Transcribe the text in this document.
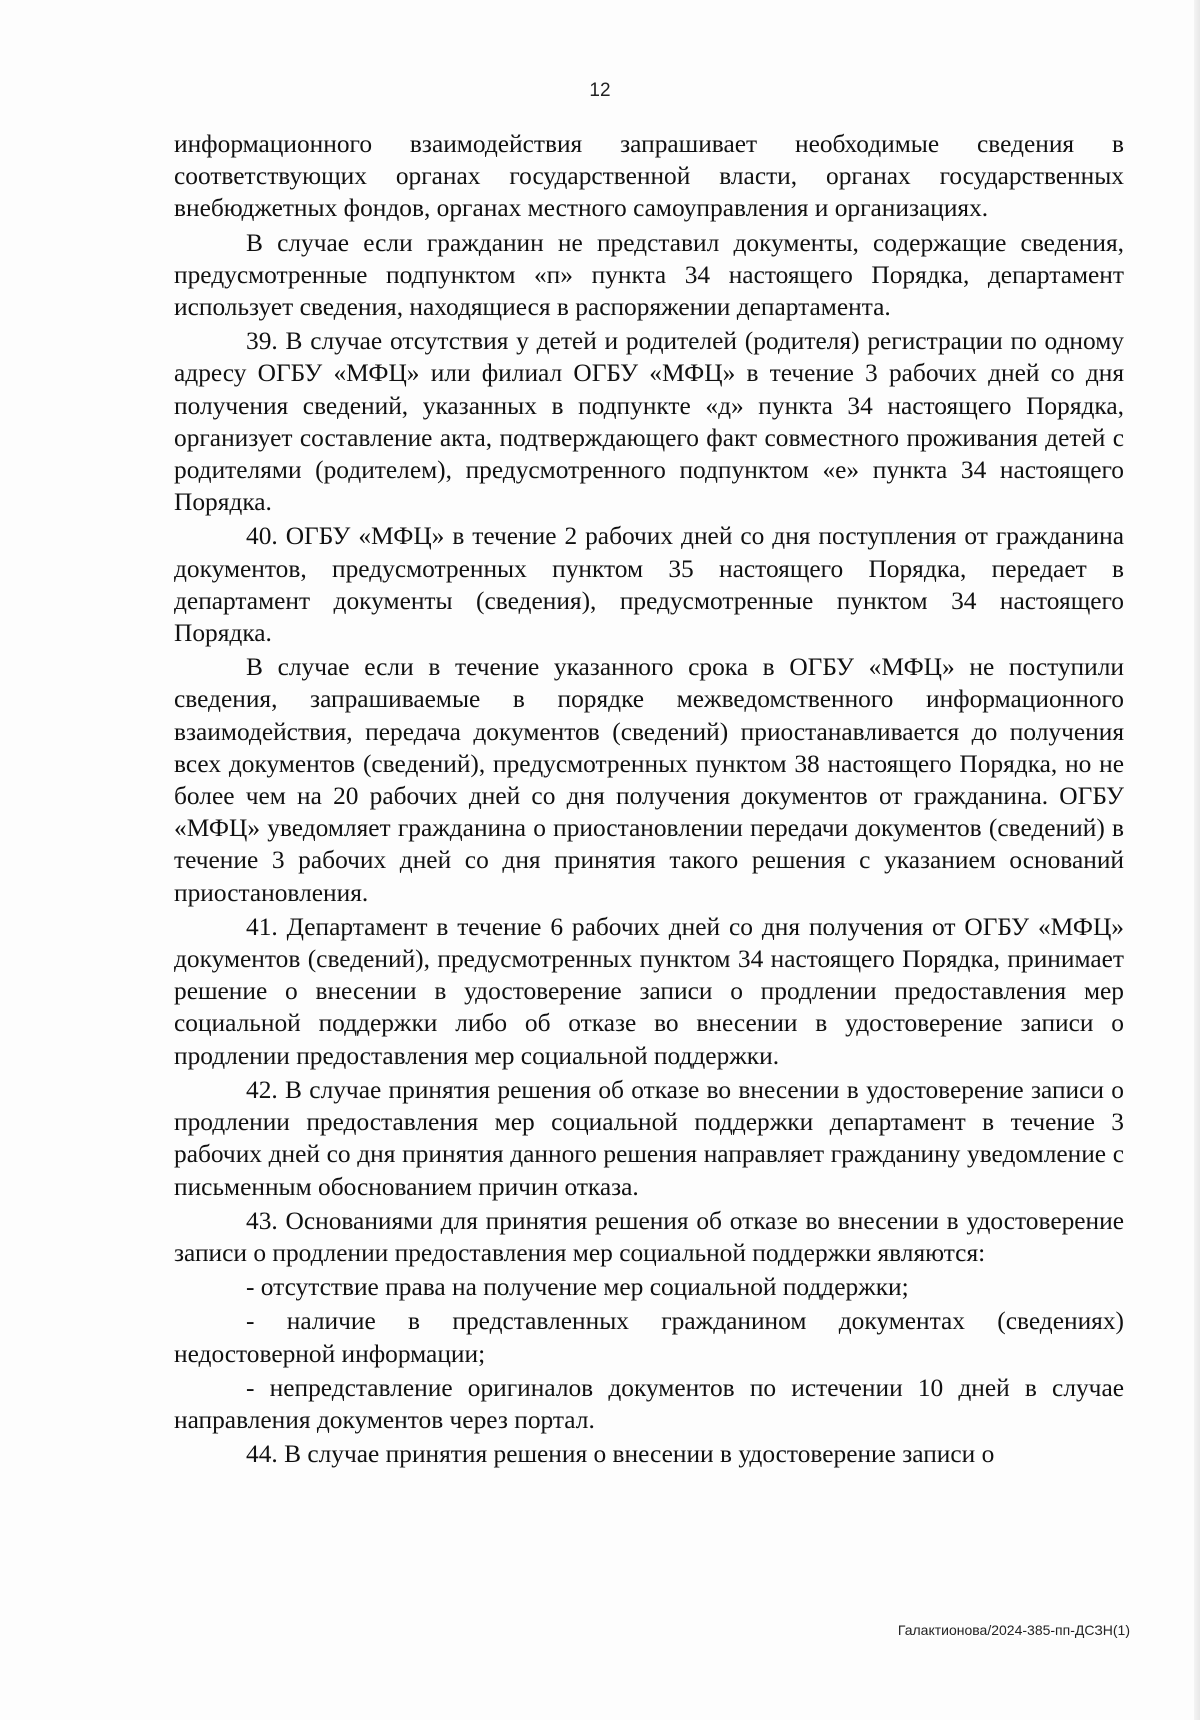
12

информационного взаимодействия запрашивает необходимые сведения в соответствующих органах государственной власти, органах государственных внебюджетных фондов, органах местного самоуправления и организациях.

В случае если гражданин не представил документы, содержащие сведения, предусмотренные подпунктом «п» пункта 34 настоящего Порядка, департамент использует сведения, находящиеся в распоряжении департамента.

39. В случае отсутствия у детей и родителей (родителя) регистрации по одному адресу ОГБУ «МФЦ» или филиал ОГБУ «МФЦ» в течение 3 рабочих дней со дня получения сведений, указанных в подпункте «д» пункта 34 настоящего Порядка, организует составление акта, подтверждающего факт совместного проживания детей с родителями (родителем), предусмотренного подпунктом «е» пункта 34 настоящего Порядка.

40. ОГБУ «МФЦ» в течение 2 рабочих дней со дня поступления от гражданина документов, предусмотренных пунктом 35 настоящего Порядка, передает в департамент документы (сведения), предусмотренные пунктом 34 настоящего Порядка.

В случае если в течение указанного срока в ОГБУ «МФЦ» не поступили сведения, запрашиваемые в порядке межведомственного информационного взаимодействия, передача документов (сведений) приостанавливается до получения всех документов (сведений), предусмотренных пунктом 38 настоящего Порядка, но не более чем на 20 рабочих дней со дня получения документов от гражданина. ОГБУ «МФЦ» уведомляет гражданина о приостановлении передачи документов (сведений) в течение 3 рабочих дней со дня принятия такого решения с указанием оснований приостановления.

41. Департамент в течение 6 рабочих дней со дня получения от ОГБУ «МФЦ» документов (сведений), предусмотренных пунктом 34 настоящего Порядка, принимает решение о внесении в удостоверение записи о продлении предоставления мер социальной поддержки либо об отказе во внесении в удостоверение записи о продлении предоставления мер социальной поддержки.

42. В случае принятия решения об отказе во внесении в удостоверение записи о продлении предоставления мер социальной поддержки департамент в течение 3 рабочих дней со дня принятия данного решения направляет гражданину уведомление с письменным обоснованием причин отказа.

43. Основаниями для принятия решения об отказе во внесении в удостоверение записи о продлении предоставления мер социальной поддержки являются:

- отсутствие права на получение мер социальной поддержки;

- наличие в представленных гражданином документах (сведениях) недостоверной информации;

- непредставление оригиналов документов по истечении 10 дней в случае направления документов через портал.

44. В случае принятия решения о внесении в удостоверение записи о

Галактионова/2024-385-пп-ДСЗН(1)
